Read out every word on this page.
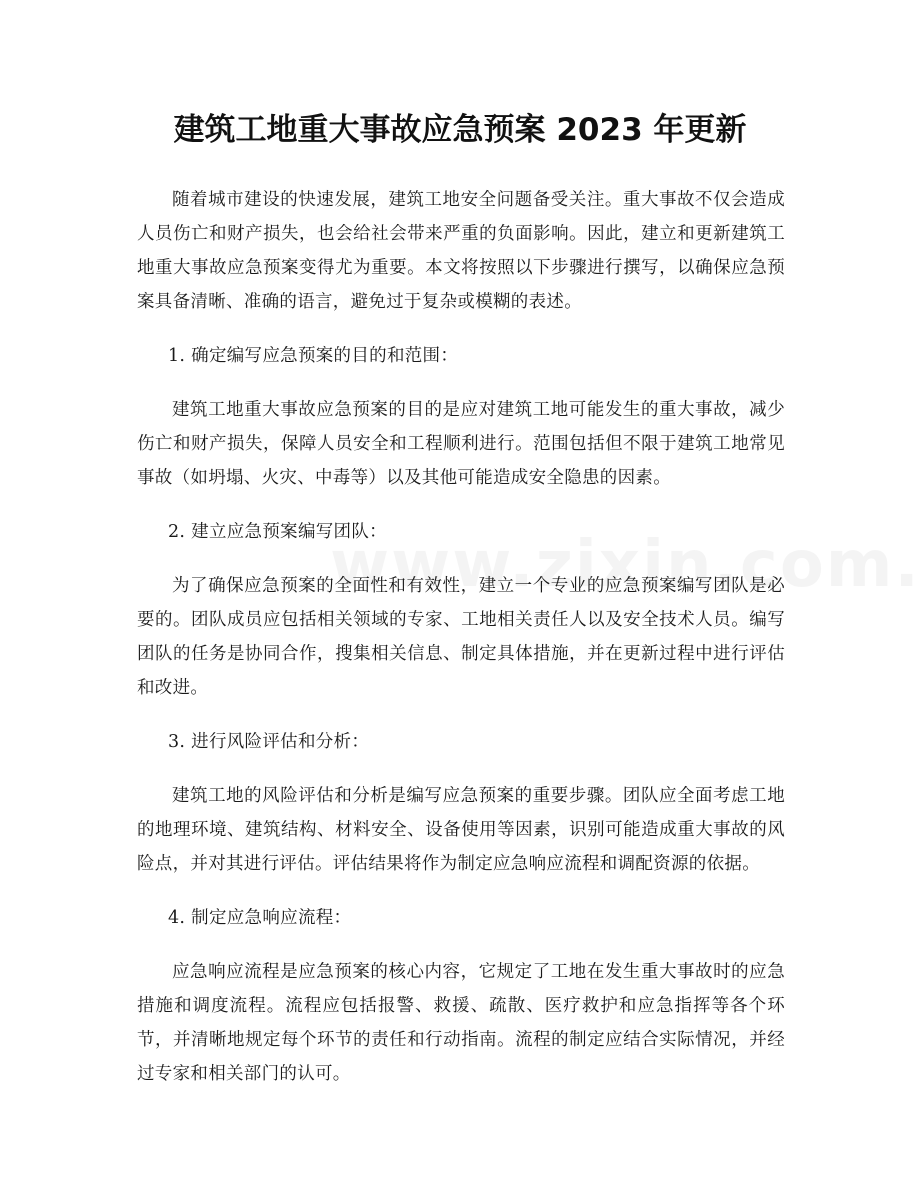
建筑工地重大事故应急预案 2023 年更新

随着城市建设的快速发展，建筑工地安全问题备受关注。重大事故不仅会造成人员伤亡和财产损失，也会给社会带来严重的负面影响。因此，建立和更新建筑工地重大事故应急预案变得尤为重要。本文将按照以下步骤进行撰写，以确保应急预案具备清晰、准确的语言，避免过于复杂或模糊的表述。

1. 确定编写应急预案的目的和范围：

建筑工地重大事故应急预案的目的是应对建筑工地可能发生的重大事故，减少伤亡和财产损失，保障人员安全和工程顺利进行。范围包括但不限于建筑工地常见事故（如坍塌、火灾、中毒等）以及其他可能造成安全隐患的因素。

2. 建立应急预案编写团队：

为了确保应急预案的全面性和有效性，建立一个专业的应急预案编写团队是必要的。团队成员应包括相关领域的专家、工地相关责任人以及安全技术人员。编写团队的任务是协同合作，搜集相关信息、制定具体措施，并在更新过程中进行评估和改进。

3. 进行风险评估和分析：

建筑工地的风险评估和分析是编写应急预案的重要步骤。团队应全面考虑工地的地理环境、建筑结构、材料安全、设备使用等因素，识别可能造成重大事故的风险点，并对其进行评估。评估结果将作为制定应急响应流程和调配资源的依据。

4. 制定应急响应流程：

应急响应流程是应急预案的核心内容，它规定了工地在发生重大事故时的应急措施和调度流程。流程应包括报警、救援、疏散、医疗救护和应急指挥等各个环节，并清晰地规定每个环节的责任和行动指南。流程的制定应结合实际情况，并经过专家和相关部门的认可。
